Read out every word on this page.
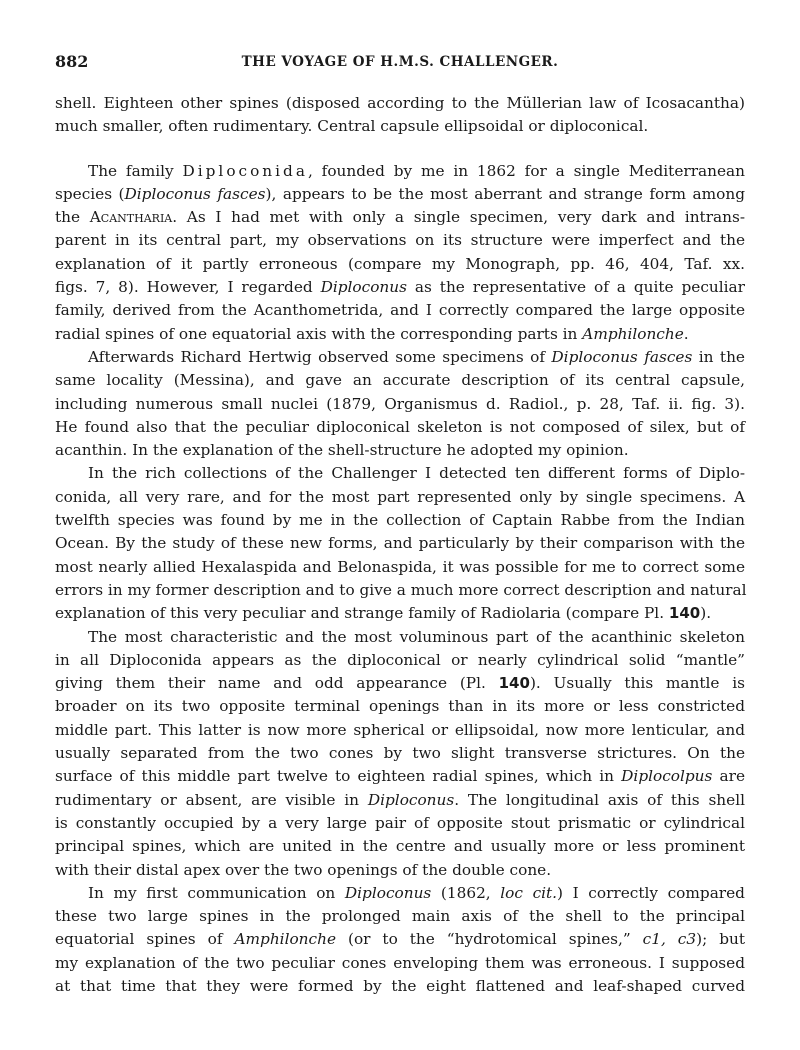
882	THE VOYAGE OF H.M.S. CHALLENGER.
shell. Eighteen other spines (disposed according to the Müllerian law of Icosacantha)
much smaller, often rudimentary. Central capsule ellipsoidal or diploconical.
The family Diploconida, founded by me in 1862 for a single Mediterranean
species (Diploconus fasces), appears to be the most aberrant and strange form among
the Acantharia. As I had met with only a single specimen, very dark and intrans-
parent in its central part, my observations on its structure were imperfect and the
explanation of it partly erroneous (compare my Monograph, pp. 46, 404, Taf. xx.
figs. 7, 8). However, I regarded Diploconus as the representative of a quite peculiar
family, derived from the Acanthometrida, and I correctly compared the large opposite
radial spines of one equatorial axis with the corresponding parts in Amphilonche.
Afterwards Richard Hertwig observed some specimens of Diploconus fasces in the
same locality (Messina), and gave an accurate description of its central capsule,
including numerous small nuclei (1879, Organismus d. Radiol., p. 28, Taf. ii. fig. 3).
He found also that the peculiar diploconical skeleton is not composed of silex, but of
acanthin. In the explanation of the shell-structure he adopted my opinion.
In the rich collections of the Challenger I detected ten different forms of Diplo-
conida, all very rare, and for the most part represented only by single specimens. A
twelfth species was found by me in the collection of Captain Rabbe from the Indian
Ocean. By the study of these new forms, and particularly by their comparison with the
most nearly allied Hexalaspida and Belonaspida, it was possible for me to correct some
errors in my former description and to give a much more correct description and natural
explanation of this very peculiar and strange family of Radiolaria (compare Pl. 140).
The most characteristic and the most voluminous part of the acanthinic skeleton
in all Diploconida appears as the diploconical or nearly cylindrical solid “mantle”
giving them their name and odd appearance (Pl. 140). Usually this mantle is
broader on its two opposite terminal openings than in its more or less constricted
middle part. This latter is now more spherical or ellipsoidal, now more lenticular, and
usually separated from the two cones by two slight transverse strictures. On the
surface of this middle part twelve to eighteen radial spines, which in Diplocolpus are
rudimentary or absent, are visible in Diploconus. The longitudinal axis of this shell
is constantly occupied by a very large pair of opposite stout prismatic or cylindrical
principal spines, which are united in the centre and usually more or less prominent
with their distal apex over the two openings of the double cone.
In my first communication on Diploconus (1862, loc cit.) I correctly compared
these two large spines in the prolonged main axis of the shell to the principal
equatorial spines of Amphilonche (or to the “hydrotomical spines,” c1, c3); but
my explanation of the two peculiar cones enveloping them was erroneous. I supposed
at that time that they were formed by the eight flattened and leaf-shaped curved
